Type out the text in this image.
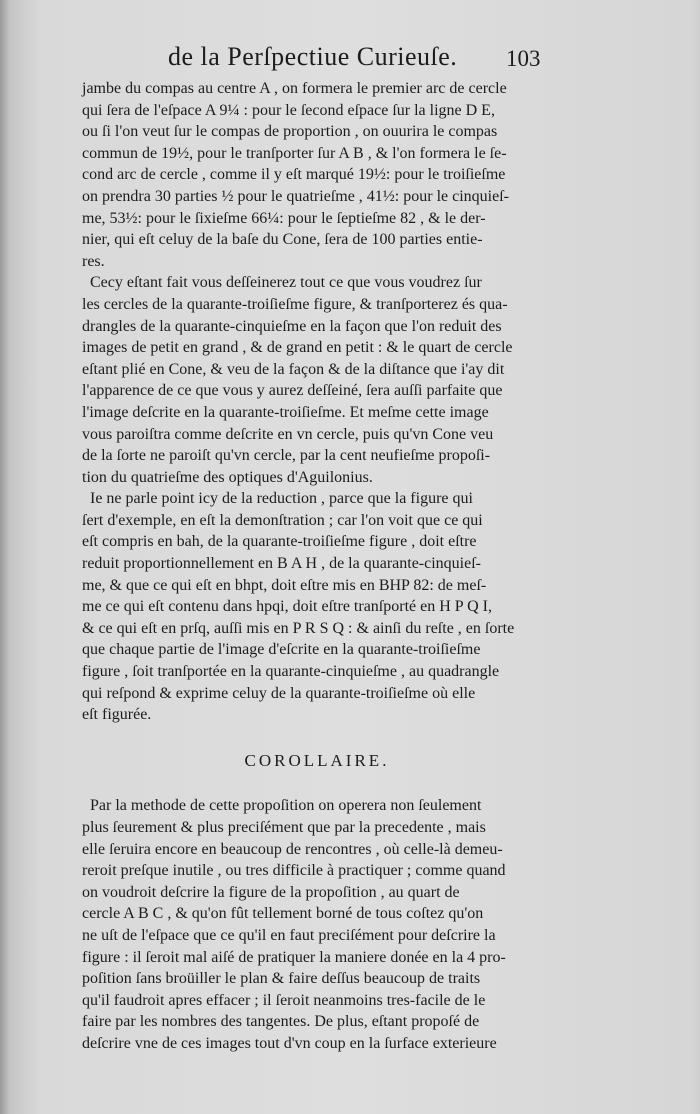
de la Perſpectiue Curieuſe. 103
jambe du compas au centre A , on formera le premier arc de cercle
qui ſera de l'eſpace A 9¼ : pour le ſecond eſpace ſur la ligne D E,
ou ſi l'on veut ſur le compas de proportion , on ouurira le compas
commun de 19½, pour le tranſporter ſur A B , & l'on formera le ſe-
cond arc de cercle , comme il y eſt marqué 19½: pour le troiſieſme
on prendra 30 parties ½ pour le quatrieſme , 41½: pour le cinquieſ-
me, 53½: pour le ſixieſme 66¼: pour le ſeptieſme 82 , & le der-
nier, qui eſt celuy de la baſe du Cone, ſera de 100 parties entie-
res.
Cecy eſtant fait vous deſſeinerez tout ce que vous voudrez ſur
les cercles de la quarante-troiſieſme figure, & tranſporterez és qua-
drangles de la quarante-cinquieſme en la façon que l'on reduit des
images de petit en grand , & de grand en petit : & le quart de cercle
eſtant plié en Cone, & veu de la façon & de la diſtance que i'ay dit
l'apparence de ce que vous y aurez deſſeiné, ſera auſſi parfaite que
l'image deſcrite en la quarante-troiſieſme. Et meſme cette image
vous paroiſtra comme deſcrite en vn cercle, puis qu'vn Cone veu
de la ſorte ne paroiſt qu'vn cercle, par la cent neufieſme propoſi-
tion du quatrieſme des optiques d'Aguilonius.
Ie ne parle point icy de la reduction , parce que la figure qui
ſert d'exemple, en eſt la demonſtration ; car l'on voit que ce qui
eſt compris en bah, de la quarante-troiſieſme figure , doit eſtre
reduit proportionnellement en B A H , de la quarante-cinquieſ-
me, & que ce qui eſt en bhpt, doit eſtre mis en BHP 82: de meſ-
me ce qui eſt contenu dans hpqi, doit eſtre tranſporté en H P Q I,
& ce qui eſt en prſq, auſſi mis en P R S Q : & ainſi du reſte , en ſorte
que chaque partie de l'image d'eſcrite en la quarante-troiſieſme
figure , ſoit tranſportée en la quarante-cinquieſme , au quadrangle
qui reſpond & exprime celuy de la quarante-troiſieſme où elle
eſt figurée.
COROLLAIRE.
Par la methode de cette propoſition on operera non ſeulement
plus ſeurement & plus preciſément que par la precedente , mais
elle ſeruira encore en beaucoup de rencontres , où celle-là demeu-
reroit preſque inutile , ou tres difficile à practiquer ; comme quand
on voudroit deſcrire la figure de la propoſition , au quart de
cercle A B C , & qu'on fût tellement borné de tous coſtez qu'on
ne uſt de l'eſpace que ce qu'il en faut preciſément pour deſcrire la
figure : il ſeroit mal aiſé de pratiquer la maniere donée en la 4 pro-
poſition ſans broüiller le plan & faire deſſus beaucoup de traits
qu'il faudroit apres effacer ; il ſeroit neanmoins tres-facile de le
faire par les nombres des tangentes. De plus, eſtant propoſé de
deſcrire vne de ces images tout d'vn coup en la ſurface exterieure
